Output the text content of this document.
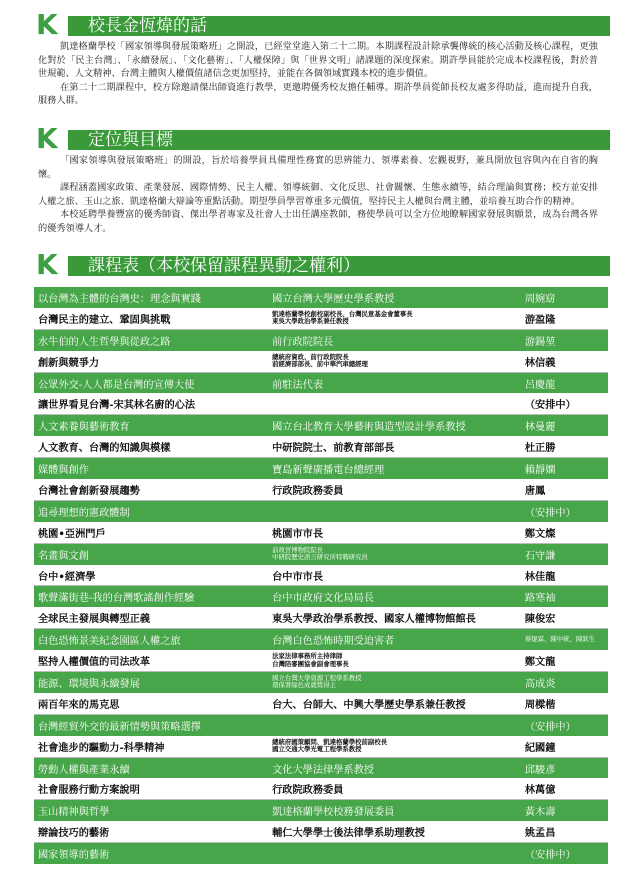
K	校長金恆煒的話

凱達格蘭學校「國家領導與發展策略班」之開設，已經堂堂進入第二十二期。本期課程設計除承襲傳統的核心活動及核心課程，更強化對於「民主台灣」、「永續發展」、「文化藝術」、「人權保障」與「世界文明」諸課題的深度探索。期許學員能於完成本校課程後，對於普世規範、人文精神、台灣主體與人權價值諸信念更加堅持，並能在各個領域實踐本校的進步價值。

在第二十二期課程中，校方除邀請傑出師資進行教學，更邀聘優秀校友擔任輔導。期許學員從師長校友處多得助益，進而提升自我，服務人群。

K	定位與目標

「國家領導與發展策略班」的開設，旨於培養學員具備理性務實的思辨能力、領導素養、宏觀視野，兼具開放包容與內在自省的胸懷。

課程涵蓋國家政策、產業發展、國際情勢、民主人權、領導統御、文化反思、社會關懷、生態永續等，結合理論與實務；校方並安排人權之旅、玉山之旅、凱達格蘭大辯論等重點活動。期望學員學習尊重多元價值，堅持民主人權與台灣主體，並培養互助合作的精神。

本校延聘學養豐富的優秀師資、傑出學者專家及社會人士出任講座教師，務使學員可以全方位地瞭解國家發展與願景，成為台灣各界的優秀領導人才。

K	課程表（本校保留課程異動之權利）
以台灣為主體的台灣史：理念與實踐	國立台灣大學歷史學系教授	周婉窈
台灣民主的建立、鞏固與挑戰	凱達格蘭學校創校副校長、台灣民意基金會董事長
東吳大學政治學系兼任教授	游盈隆
水牛伯的人生哲學與從政之路	前行政院院長	游錫堃
創新與競爭力	總統府資政、前行政院院長
前經濟部部長、前中華汽車總經理	林信義
公眾外交-人人都是台灣的宣傳大使	前駐法代表	呂慶龍
讓世界看見台灣-宋其林名廚的心法		（安排中）
人文素養與藝術教育	國立台北教育大學藝術與造型設計學系教授	林曼麗
人文教育、台灣的知識與模樣	中研院院士、前教育部部長	杜正勝
媒體與創作	寶島新聲廣播電台總經理	賴靜嫻
台灣社會創新發展趨勢	行政院政務委員	唐鳳
追尋理想的憲政體制		（安排中）
桃園•亞洲門戶	桃園市市長	鄭文燦
名畫與文創	前故宮博物院院長
中研院歷史語言研究所特聘研究員	石守謙
台中•經濟學	台中市市長	林佳龍
歌聲滿街巷-我的台灣歌謠創作經驗	台中市政府文化局局長	路寒袖
全球民主發展與轉型正義	東吳大學政治學系教授、國家人權博物館館長	陳俊宏
白色恐怖景美紀念園區人權之旅	台灣白色恐怖時期受迫害者	蔡焜霖、陳中統、陳欽生
堅持人權價值的司法改革	法家法律事務所主持律師
台灣陪審團協會副會理事長	鄭文龍
能源、環境與永續發展	國立台灣大學資源工程學系教授
環保署綠色成就獎得主	高成炎
兩百年來的馬克思	台大、台師大、中興大學歷史學系兼任教授	周樑楷
台灣經貿外交的最新情勢與策略選擇		（安排中）
社會進步的驅動力-科學精神	總統府國策顧問、凱達格蘭學校前副校長
國立交通大學光電工程學系教授	紀國鐘
勞動人權與產業永續	文化大學法律學系教授	邱駿彥
社會服務行動方案說明	行政院政務委員	林萬億
玉山精神與哲學	凱達格蘭學校校務發展委員	黃木壽
辯論技巧的藝術	輔仁大學學士後法律學系助理教授	姚孟昌
國家領導的藝術		（安排中）
